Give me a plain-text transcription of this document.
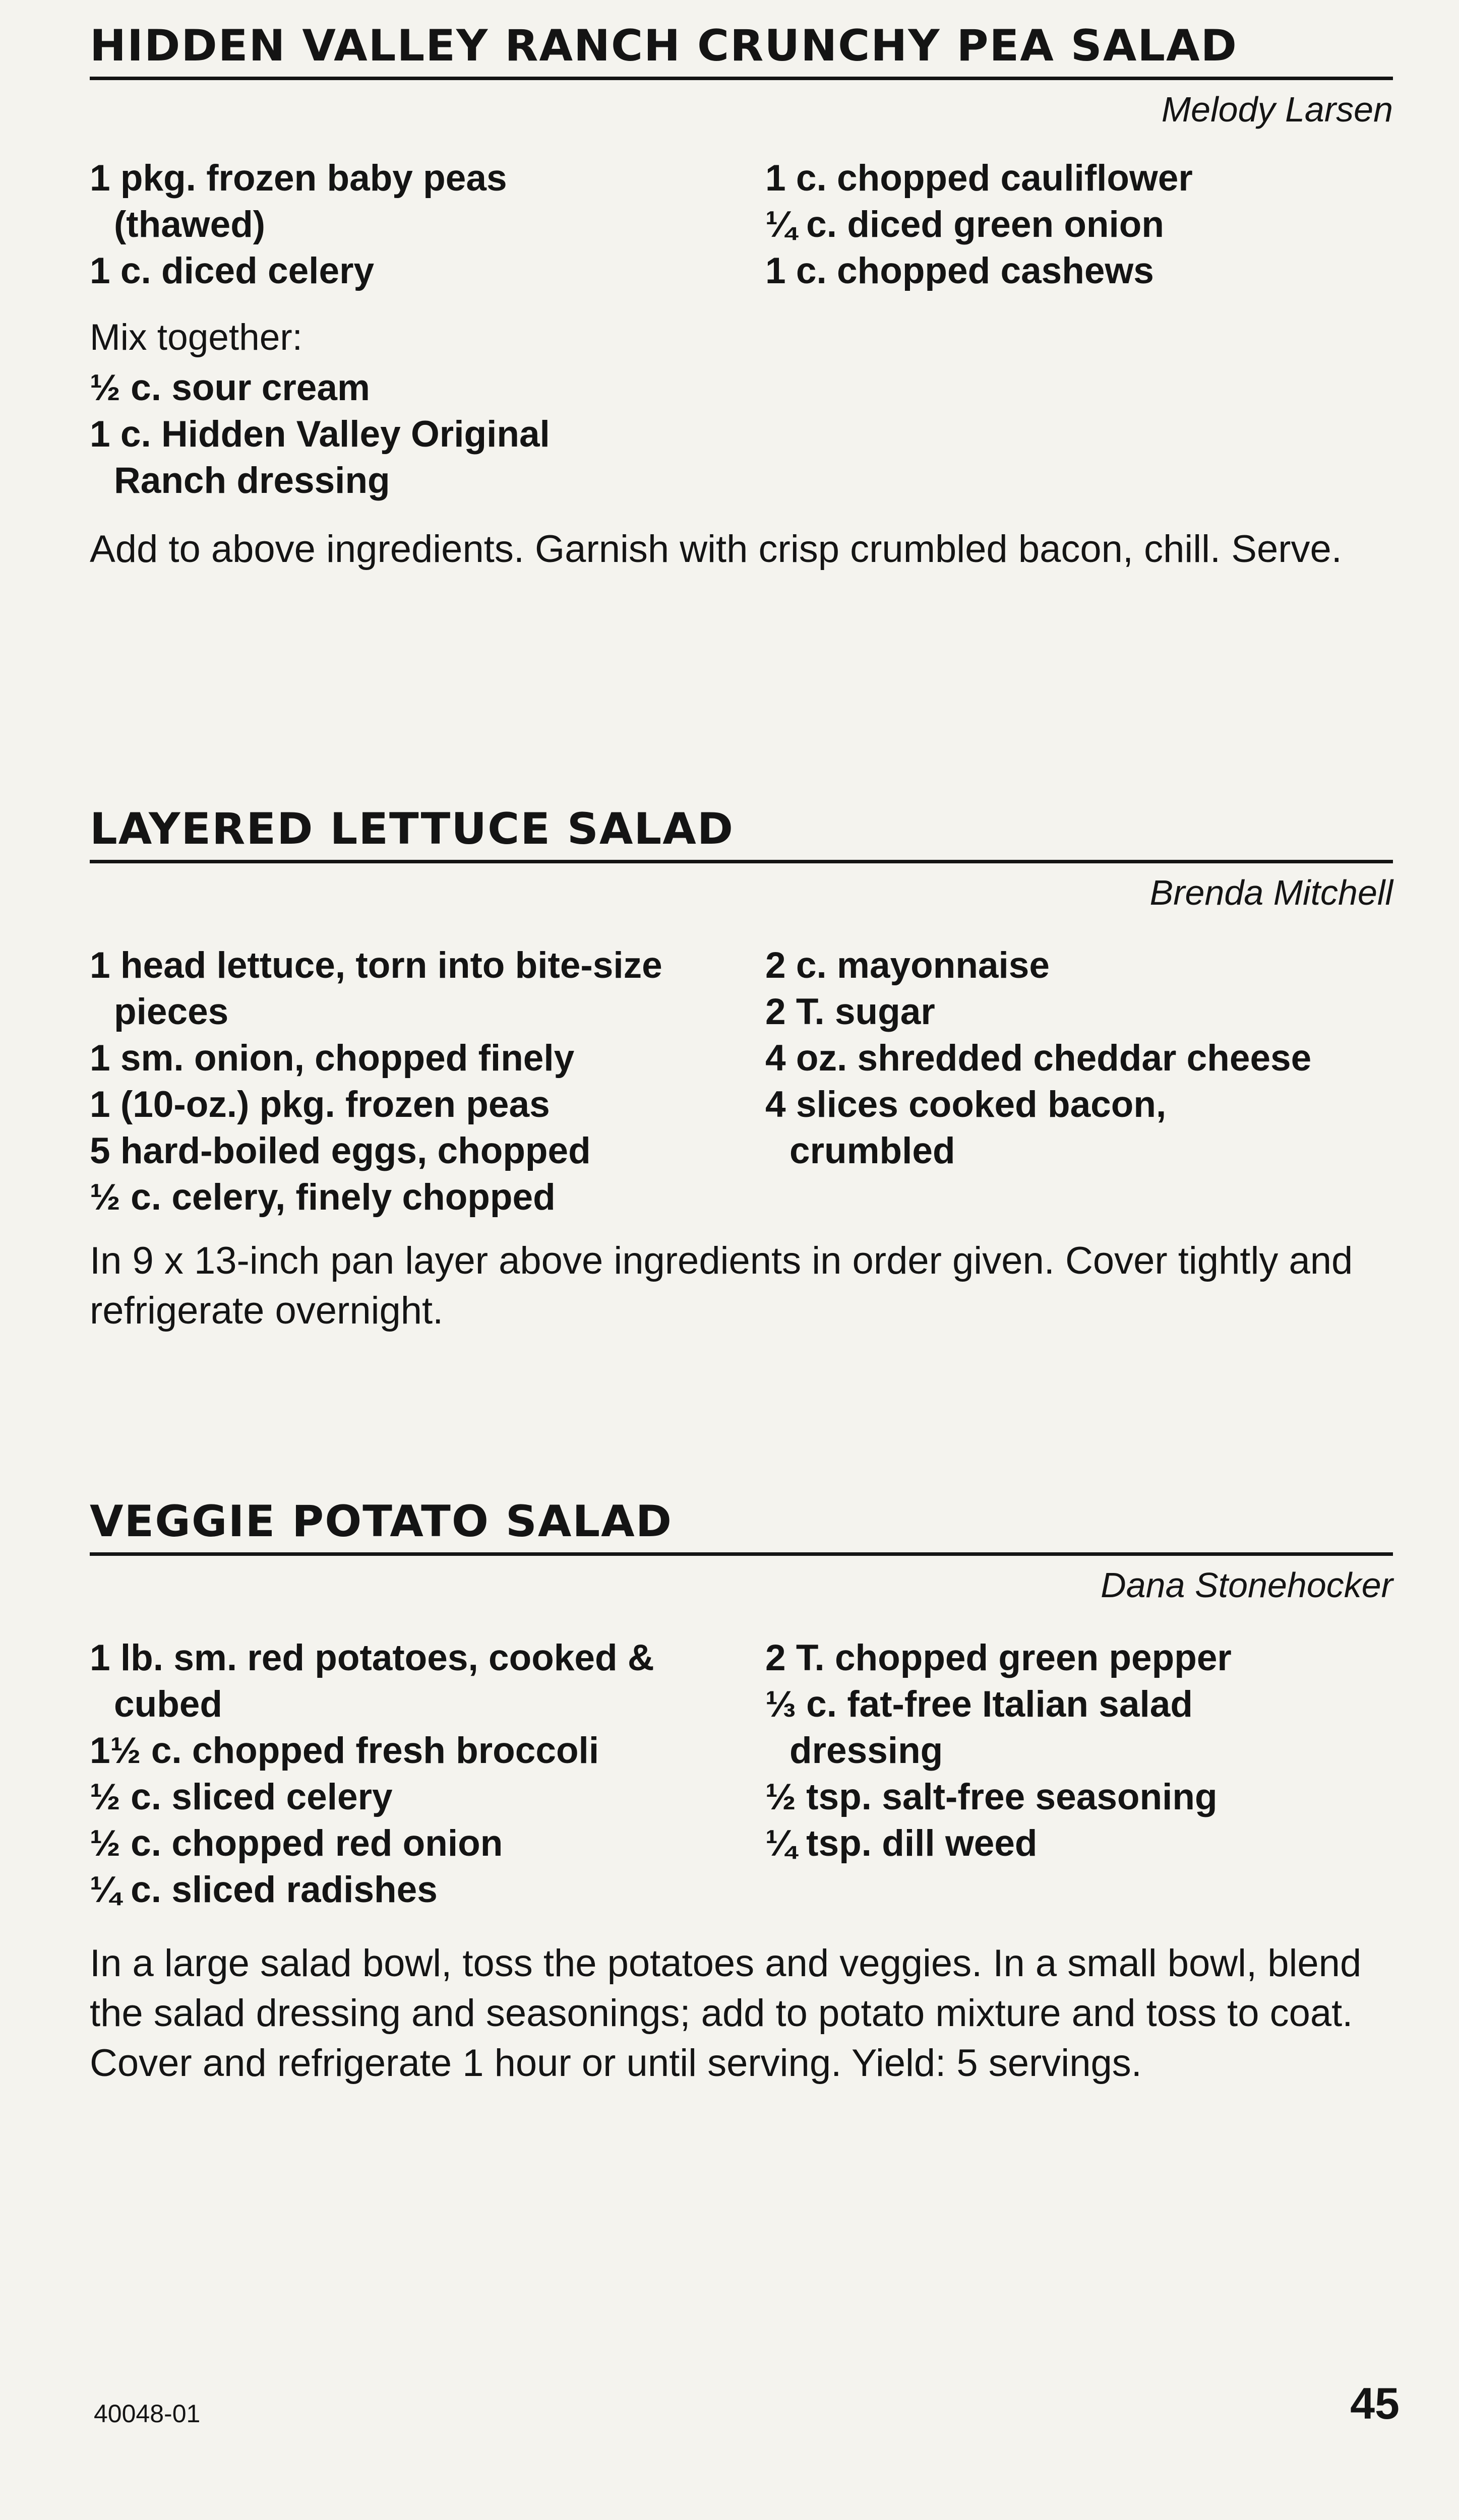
HIDDEN VALLEY RANCH CRUNCHY PEA SALAD
Melody Larsen
1 pkg. frozen baby peas (thawed)
1 c. diced celery
1 c. chopped cauliflower
¼ c. diced green onion
1 c. chopped cashews
Mix together:
½ c. sour cream
1 c. Hidden Valley Original Ranch dressing

Add to above ingredients. Garnish with crisp crumbled bacon, chill. Serve.

LAYERED LETTUCE SALAD
Brenda Mitchell
1 head lettuce, torn into bite-size pieces
1 sm. onion, chopped finely
1 (10-oz.) pkg. frozen peas
5 hard-boiled eggs, chopped
½ c. celery, finely chopped
2 c. mayonnaise
2 T. sugar
4 oz. shredded cheddar cheese
4 slices cooked bacon, crumbled

In 9 x 13-inch pan layer above ingredients in order given. Cover tightly and refrigerate overnight.

VEGGIE POTATO SALAD
Dana Stonehocker
1 lb. sm. red potatoes, cooked & cubed
1½ c. chopped fresh broccoli
½ c. sliced celery
½ c. chopped red onion
¼ c. sliced radishes
2 T. chopped green pepper
⅓ c. fat-free Italian salad dressing
½ tsp. salt-free seasoning
¼ tsp. dill weed

In a large salad bowl, toss the potatoes and veggies. In a small bowl, blend the salad dressing and seasonings; add to potato mixture and toss to coat. Cover and refrigerate 1 hour or until serving. Yield: 5 servings.

40048-01	45
